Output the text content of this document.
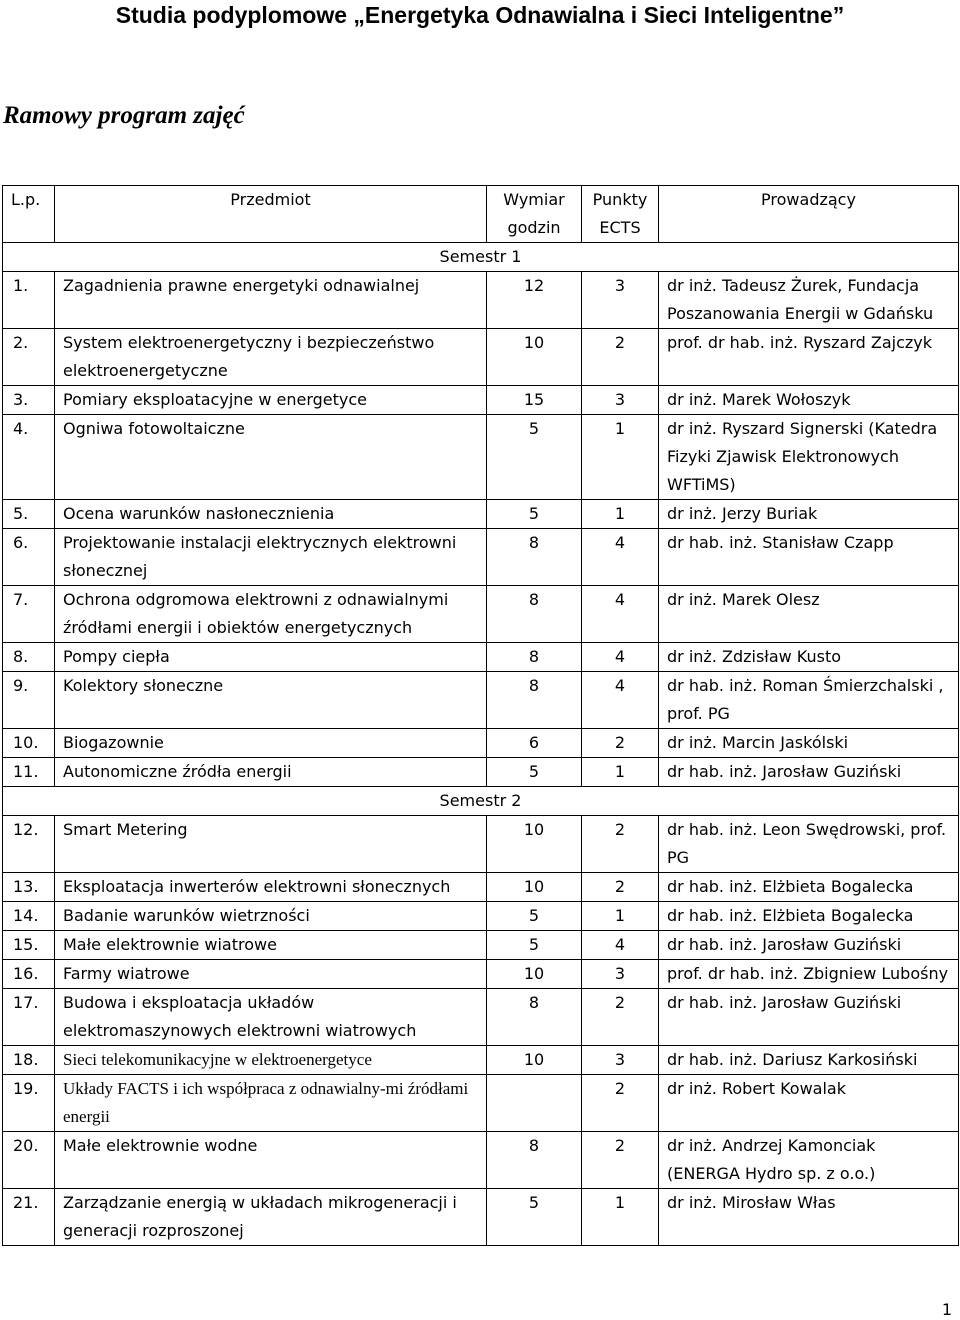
Studia podyplomowe „Energetyka Odnawialna i Sieci Inteligentne”
Ramowy program zajęć
L.p.	Przedmiot	Wymiar godzin	Punkty ECTS	Prowadzący
Semestr 1				
1.	Zagadnienia prawne energetyki odnawialnej	12	3	dr inż. Tadeusz Żurek, Fundacja Poszanowania Energii w Gdańsku
2.	System elektroenergetyczny i bezpieczeństwo elektroenergetyczne	10	2	prof. dr hab. inż. Ryszard Zajczyk
3.	Pomiary eksploatacyjne w energetyce	15	3	dr inż. Marek Wołoszyk
4.	Ogniwa fotowoltaiczne	5	1	dr inż. Ryszard Signerski (Katedra Fizyki Zjawisk Elektronowych WFTiMS)
5.	Ocena warunków nasłonecznienia	5	1	dr inż. Jerzy Buriak
6.	Projektowanie instalacji elektrycznych elektrowni słonecznej	8	4	dr hab. inż. Stanisław Czapp
7.	Ochrona odgromowa elektrowni z odnawialnymi źródłami energii i obiektów energetycznych	8	4	dr inż. Marek Olesz
8.	Pompy ciepła	8	4	dr inż. Zdzisław Kusto
9.	Kolektory słoneczne	8	4	dr hab. inż. Roman Śmierzchalski , prof. PG
10.	Biogazownie	6	2	dr inż. Marcin Jaskólski
11.	Autonomiczne źródła energii	5	1	dr hab. inż. Jarosław Guziński
Semestr 2				
12.	Smart Metering	10	2	dr hab. inż. Leon Swędrowski, prof. PG
13.	Eksploatacja inwerterów elektrowni słonecznych	10	2	dr hab. inż. Elżbieta Bogalecka
14.	Badanie warunków wietrzności	5	1	dr hab. inż. Elżbieta Bogalecka
15.	Małe elektrownie wiatrowe	5	4	dr hab. inż. Jarosław Guziński
16.	Farmy wiatrowe	10	3	prof. dr hab. inż. Zbigniew Lubośny
17.	Budowa i eksploatacja układów elektromaszynowych elektrowni wiatrowych	8	2	dr hab. inż. Jarosław Guziński
18.	Sieci telekomunikacyjne w elektroenergetyce	10	3	dr hab. inż. Dariusz Karkosiński
19.	Układy FACTS i ich współpraca z odnawialny-mi źródłami energii		2	dr inż. Robert Kowalak
20.	Małe elektrownie wodne	8	2	dr inż. Andrzej Kamonciak (ENERGA Hydro sp. z o.o.)
21.	Zarządzanie energią w układach mikrogeneracji i generacji rozproszonej	5	1	dr inż. Mirosław Włas
1
